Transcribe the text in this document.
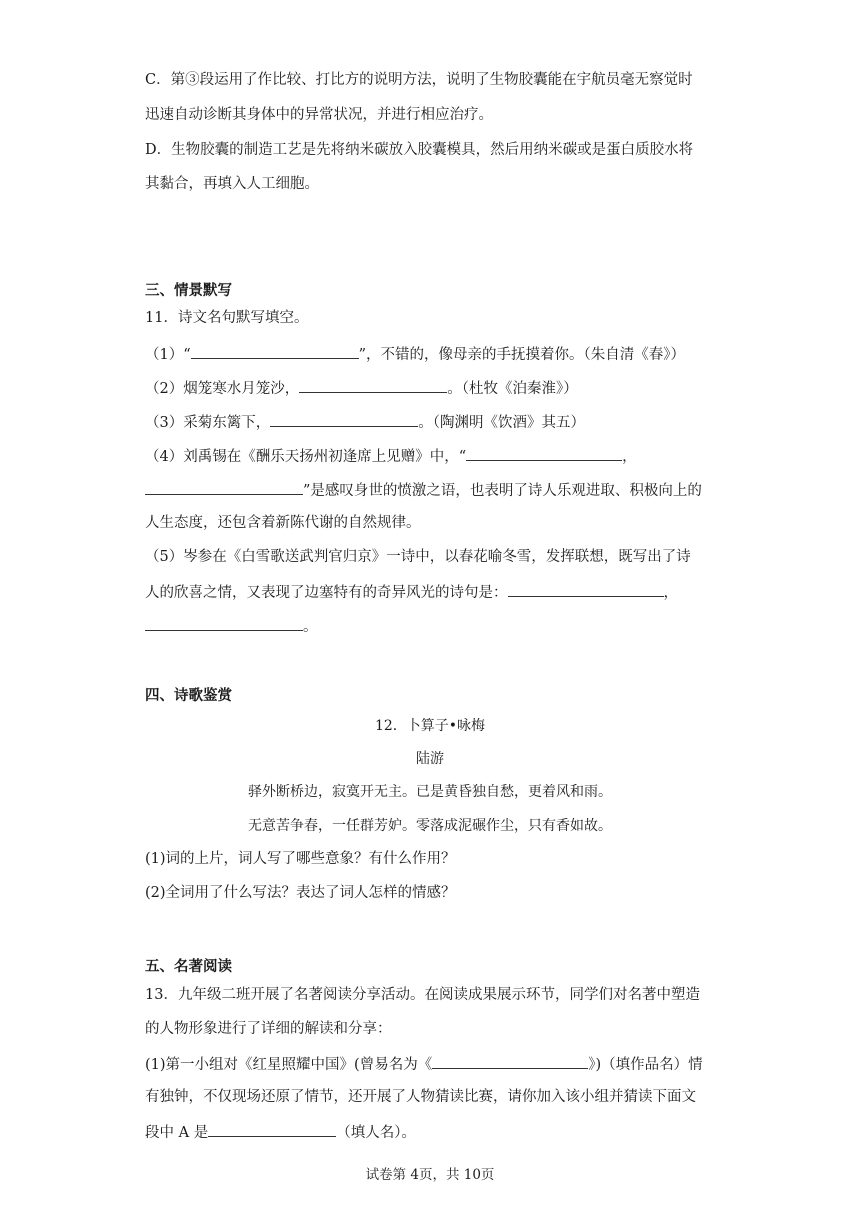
C．第③段运用了作比较、打比方的说明方法，说明了生物胶囊能在宇航员毫无察觉时
迅速自动诊断其身体中的异常状况，并进行相应治疗。
D．生物胶囊的制造工艺是先将纳米碳放入胶囊模具，然后用纳米碳或是蛋白质胶水将
其黏合，再填入人工细胞。
三、情景默写
11．诗文名句默写填空。
（1）“	”，不错的，像母亲的手抚摸着你。（朱自清《春》）
（2）烟笼寒水月笼沙，	。（杜牧《泊秦淮》）
（3）采菊东篱下，	。（陶渊明《饮酒》其五）
（4）刘禹锡在《酬乐天扬州初逢席上见赠》中，“	，
”是感叹身世的愤激之语，也表明了诗人乐观进取、积极向上的
人生态度，还包含着新陈代谢的自然规律。
（5）岑参在《白雪歌送武判官归京》一诗中，以春花喻冬雪，发挥联想，既写出了诗
人的欣喜之情，又表现了边塞特有的奇异风光的诗句是：	，
。
四、诗歌鉴赏
12．卜算子•咏梅
陆游
驿外断桥边，寂寞开无主。已是黄昏独自愁，更着风和雨。
无意苦争春，一任群芳妒。零落成泥碾作尘，只有香如故。
(1)词的上片，词人写了哪些意象？有什么作用？
(2)全词用了什么写法？表达了词人怎样的情感？
五、名著阅读
13．九年级二班开展了名著阅读分享活动。在阅读成果展示环节，同学们对名著中塑造
的人物形象进行了详细的解读和分享：
(1)第一小组对《红星照耀中国》(曾易名为《	》)（填作品名）情
有独钟，不仅现场还原了情节，还开展了人物猜读比赛，请你加入该小组并猜读下面文
段中 A 是	（填人名）。
试卷第 4页，共 10页
